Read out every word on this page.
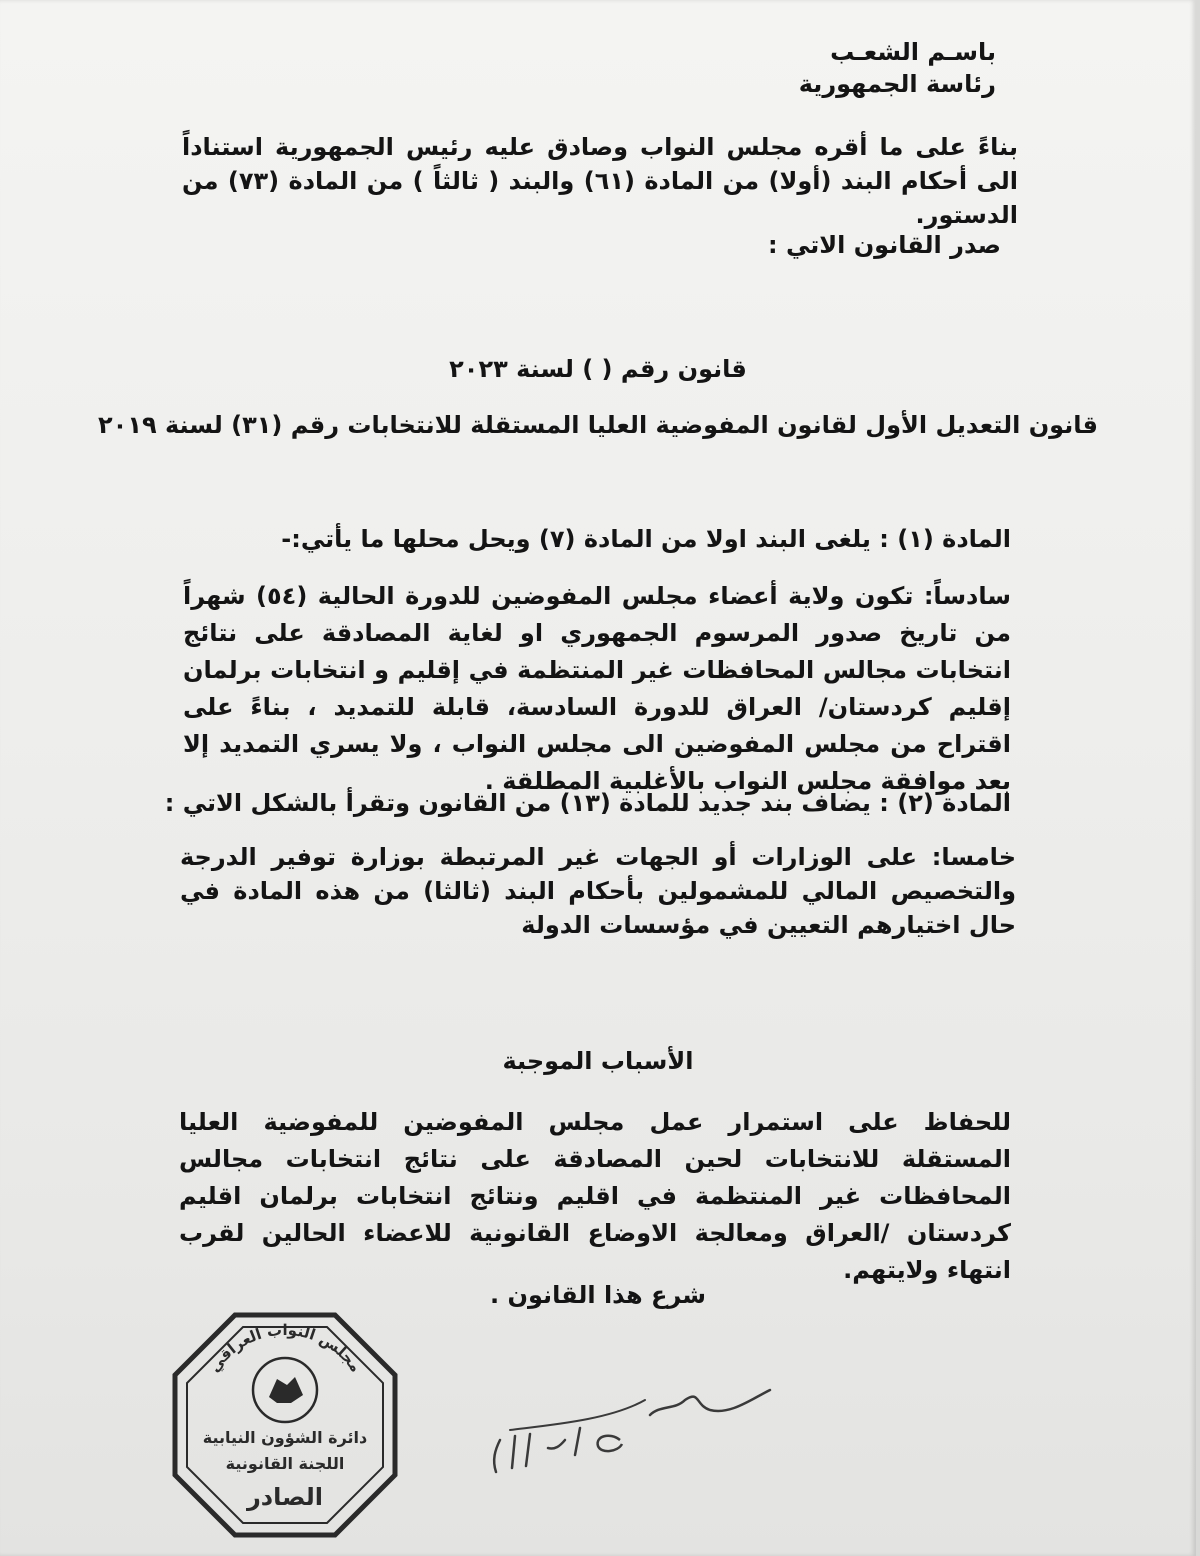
باسـم الشعـب
رئاسة الجمهورية
بناءً على ما أقره مجلس النواب وصادق عليه رئيس الجمهورية استناداً الى أحكام البند (أولا) من المادة (٦١) والبند ( ثالثاً ) من المادة (٧٣) من الدستور.
صدر القانون الاتي :
قانون رقم ( ) لسنة ٢٠٢٣
قانون التعديل الأول لقانون المفوضية العليا المستقلة للانتخابات رقم (٣١) لسنة ٢٠١٩
المادة (١) : يلغى البند اولا من المادة (٧) ويحل محلها ما يأتي:-
سادساً: تكون ولاية أعضاء مجلس المفوضين للدورة الحالية (٥٤) شهراً من تاريخ صدور المرسوم الجمهوري او لغاية المصادقة على نتائج انتخابات مجالس المحافظات غير المنتظمة في إقليم و انتخابات برلمان إقليم كردستان/ العراق للدورة السادسة، قابلة للتمديد ، بناءً على اقتراح من مجلس المفوضين الى مجلس النواب ، ولا يسري التمديد إلا بعد موافقة مجلس النواب بالأغلبية المطلقة .
المادة (٢) : يضاف بند جديد للمادة (١٣) من القانون وتقرأ بالشكل الاتي :
خامسا: على الوزارات أو الجهات غير المرتبطة بوزارة توفير الدرجة والتخصيص المالي للمشمولين بأحكام البند (ثالثا) من هذه المادة في حال اختيارهم التعيين في مؤسسات الدولة
الأسباب الموجبة
للحفاظ على استمرار عمل مجلس المفوضين للمفوضية العليا المستقلة للانتخابات لحين المصادقة على نتائج انتخابات مجالس المحافظات غير المنتظمة في اقليم ونتائج انتخابات برلمان اقليم كردستان /العراق ومعالجة الاوضاع القانونية للاعضاء الحالين لقرب انتهاء ولايتهم.
شرع هذا القانون .
مجلس النواب العراقي
دائرة الشؤون النيابية
اللجنة القانونية
الصادر
